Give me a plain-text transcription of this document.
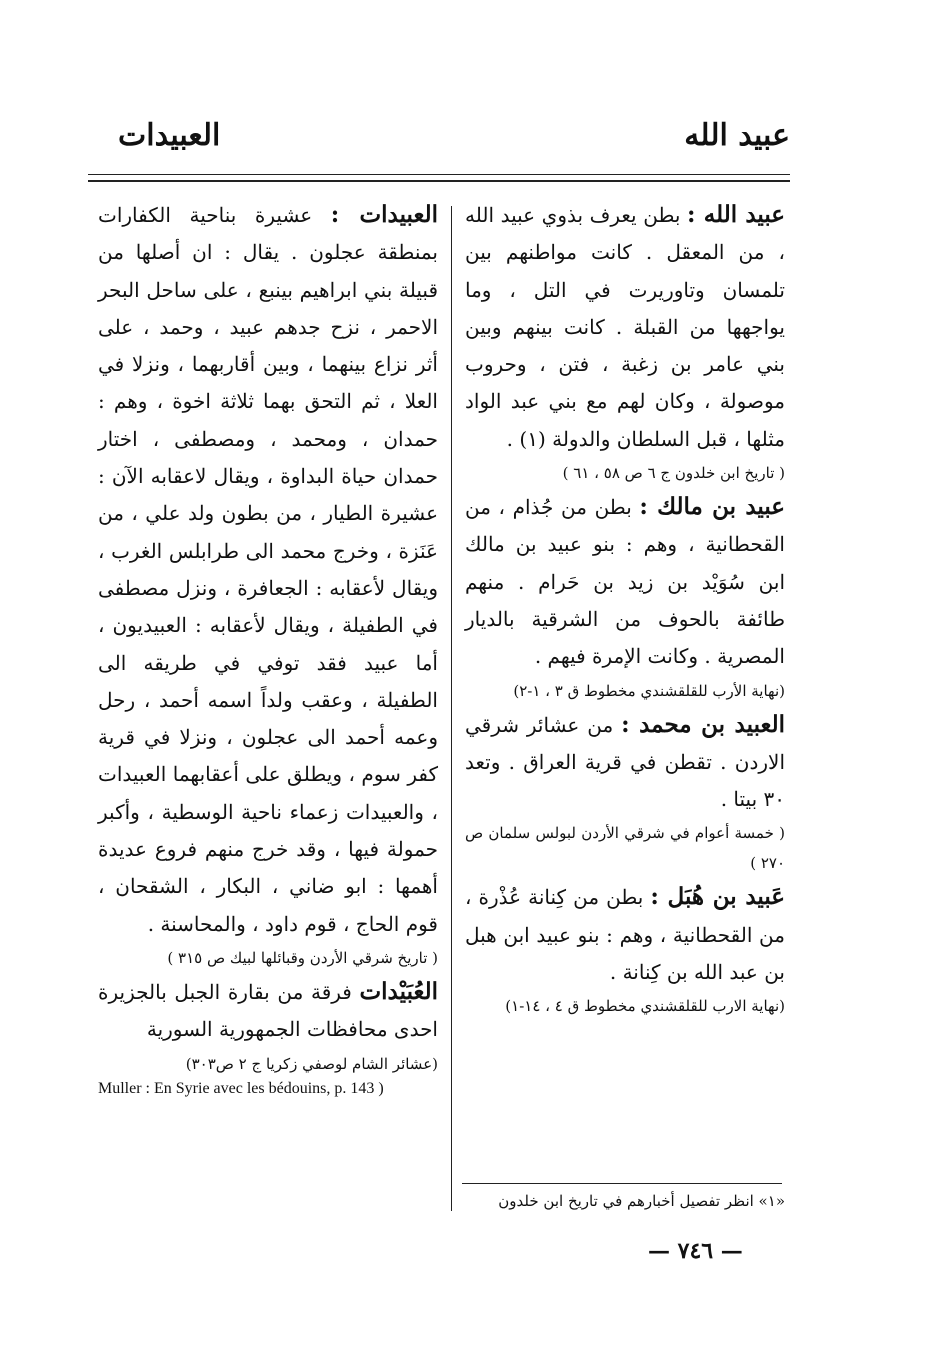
عبيد الله
العبيدات

عبيد الله : بطن يعرف بذوي عبيد الله ، من المعقل . كانت مواطنهم بين تلمسان وتاوريرت في التل ، وما يواجهها من القبلة . كانت بينهم وبين بني عامر بن زغبة ، فتن ، وحروب موصولة ، وكان لهم مع بني عبد الواد مثلها ، قبل السلطان والدولة (١) .

( تاريخ ابن خلدون ج ٦ ص ٥٨ ، ٦١ )

عبيد بن مالك : بطن من جُذام ، من القحطانية ، وهم : بنو عبيد بن مالك ابن سُوَيْد بن زيد بن حَرام . منهم طائفة بالحوف من الشرقية بالديار المصرية . وكانت الإمرة فيهم .

(نهاية الأرب للقلقشندي مخطوط ق ٣ ، ١-٢)

العبيد بن محمد : من عشائر شرقي الاردن . تقطن في قرية العراق . وتعد ٣٠ بيتا .

( خمسة أعوام في شرقي الأردن لبولس سلمان ص ٢٧٠ )

عَبيد بن هُبَل : بطن من كِنانة عُذْرة ، من القحطانية ، وهم : بنو عبيد ابن هبل بن عبد الله بن كِنانة .

(نهاية الارب للقلقشندي مخطوط ق ٤ ، ١٤-١)

العبيدات : عشيرة بناحية الكفارات بمنطقة عجلون . يقال : ان أصلها من قبيلة بني ابراهيم بينبع ، على ساحل البحر الاحمر ، نزح جدهم عبيد ، وحمد ، على أثر نزاع بينهما ، وبين أقاربهما ، ونزلا في العلا ، ثم التحق بهما ثلاثة اخوة ، وهم : حمدان ، ومحمد ، ومصطفى ، اختار حمدان حياة البداوة ، ويقال لاعقابه الآن : عشيرة الطيار ، من بطون ولد علي ، من عَنَزة ، وخرج محمد الى طرابلس الغرب ، ويقال لأعقابه : الجعافرة ، ونزل مصطفى في الطفيلة ، ويقال لأعقابه : العبيديون ، أما عبيد فقد توفي في طريقه الى الطفيلة ، وعقب ولداً اسمه أحمد ، رحل وعمه أحمد الى عجلون ، ونزلا في قرية كفر سوم ، ويطلق على أعقابهما العبيدات ، والعبيدات زعماء ناحية الوسطية ، وأكبر حمولة فيها ، وقد خرج منهم فروع عديدة أهمها : ابو ضاني ، البكار ، الشقحان ، قوم الحاج ، قوم داود ، والمحاسنة .

( تاريخ شرقي الأردن وقبائلها لبيك ص ٣١٥ )

العُبَيْدات فرقة من بقارة الجبل بالجزيرة احدى محافظات الجمهورية السورية

(عشائر الشام لوصفي زكريا ج ٢ ص٣٠٣)

Muller : En Syrie avec les bédouins, p. 143 )

«١» انظر تفصيل أخبارهم في تاريخ ابن خلدون
— ٧٤٦ —
